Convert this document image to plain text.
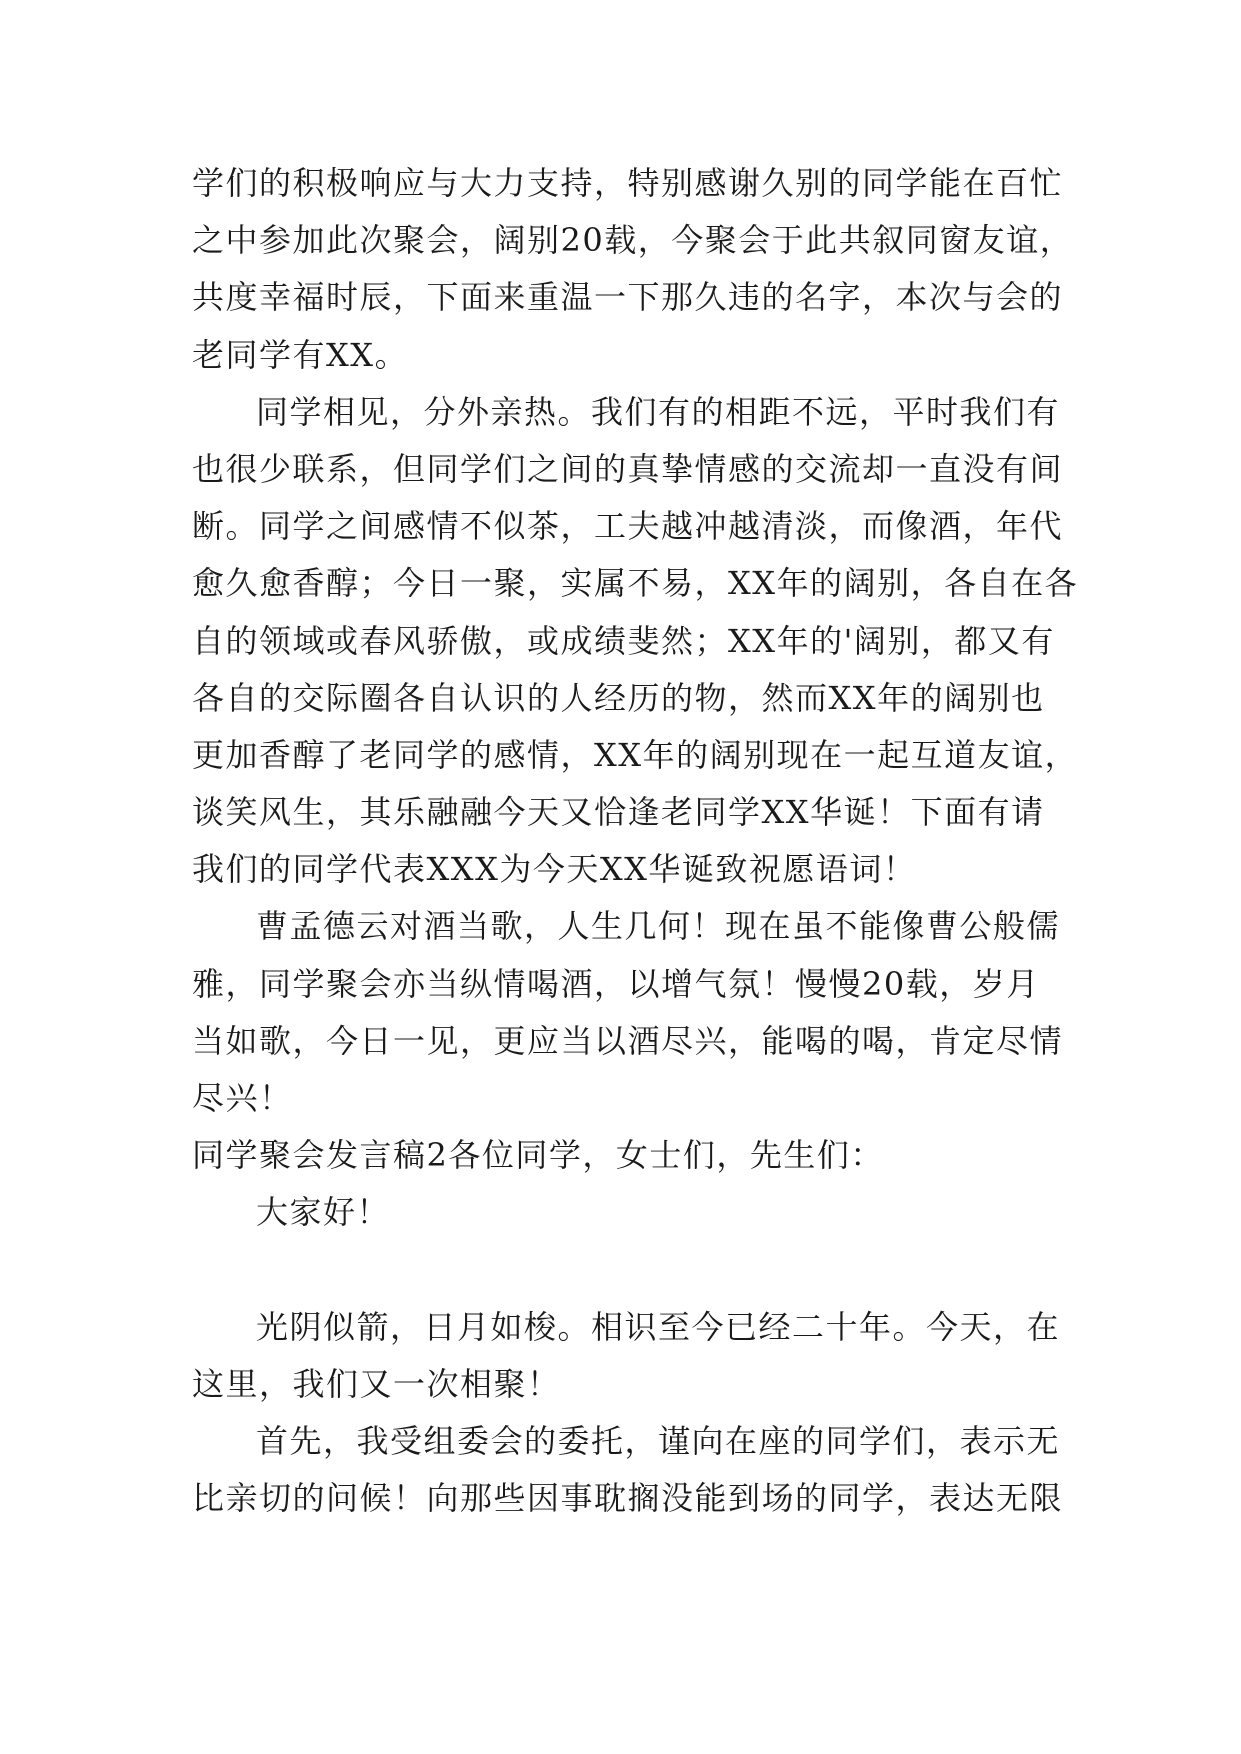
学们的积极响应与大力支持，特别感谢久别的同学能在百忙
之中参加此次聚会，阔别20载，今聚会于此共叙同窗友谊，
共度幸福时辰，下面来重温一下那久违的名字，本次与会的
老同学有XX。
同学相见，分外亲热。我们有的相距不远，平时我们有
也很少联系，但同学们之间的真挚情感的交流却一直没有间
断。同学之间感情不似茶，工夫越冲越清淡，而像酒，年代
愈久愈香醇；今日一聚，实属不易，XX年的阔别，各自在各
自的领域或春风骄傲，或成绩斐然；XX年的'阔别，都又有
各自的交际圈各自认识的人经历的物，然而XX年的阔别也
更加香醇了老同学的感情，XX年的阔别现在一起互道友谊，
谈笑风生，其乐融融今天又恰逢老同学XX华诞！下面有请
我们的同学代表XXX为今天XX华诞致祝愿语词！
曹孟德云对酒当歌，人生几何！现在虽不能像曹公般儒
雅，同学聚会亦当纵情喝酒，以增气氛！慢慢20载，岁月
当如歌，今日一见，更应当以酒尽兴，能喝的喝，肯定尽情
尽兴！
同学聚会发言稿2各位同学，女士们，先生们：
大家好！
光阴似箭，日月如梭。相识至今已经二十年。今天，在
这里，我们又一次相聚！
首先，我受组委会的委托，谨向在座的同学们，表示无
比亲切的问候！向那些因事耽搁没能到场的同学，表达无限
